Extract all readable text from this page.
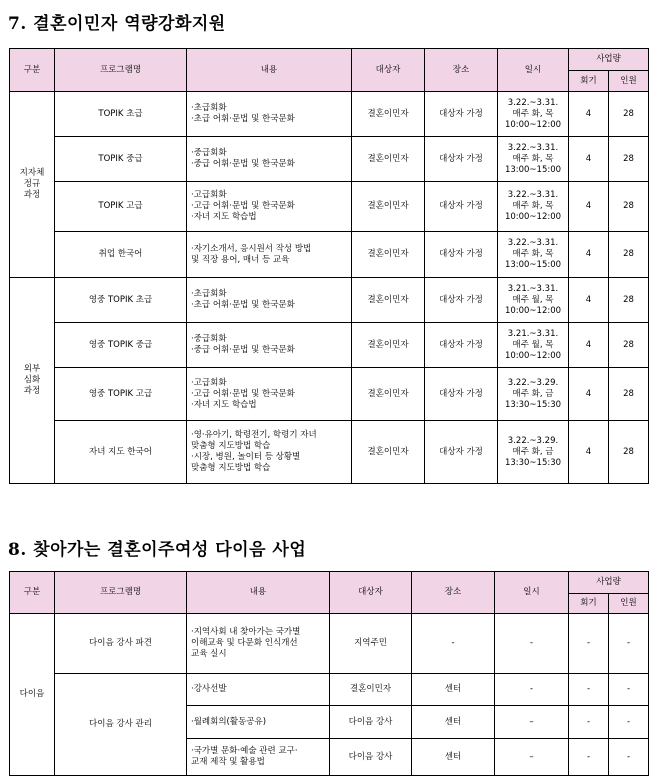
7. 결혼이민자 역량강화지원
구분	프로그램명	내용	대상자	장소	일시	사업량	
						회기	인원
지자체
정규
과정	TOPIK 초급	·초급회화
·초급 어휘·문법 및 한국문화	결혼이민자	대상자 가정	3.22.~3.31.
매주 화, 목
10:00~12:00	4	28
	TOPIK 중급	·중급회화
·중급 어휘·문법 및 한국문화	결혼이민자	대상자 가정	3.22.~3.31.
매주 화, 목
13:00~15:00	4	28
	TOPIK 고급	·고급회화
·고급 어휘·문법 및 한국문화
·자녀 지도 학습법	결혼이민자	대상자 가정	3.22.~3.31.
매주 화, 목
10:00~12:00	4	28
	취업 한국어	·자기소개서, 응시원서 작성 방법
및 직장 용어, 매너 등 교육	결혼이민자	대상자 가정	3.22.~3.31.
매주 화, 목
13:00~15:00	4	28
외부
심화
과정	영중 TOPIK 초급	·초급회화
·초급 어휘·문법 및 한국문화	결혼이민자	대상자 가정	3.21.~3.31.
매주 월, 목
10:00~12:00	4	28
	영중 TOPIK 중급	·중급회화
·중급 어휘·문법 및 한국문화	결혼이민자	대상자 가정	3.21.~3.31.
매주 월, 목
10:00~12:00	4	28
	영중 TOPIK 고급	·고급회화
·고급 어휘·문법 및 한국문화
·자녀 지도 학습법	결혼이민자	대상자 가정	3.22.~3.29.
매주 화, 금
13:30~15:30	4	28
	자녀 지도 한국어	·영·유아기, 학령전기, 학령기 자녀
맞춤형 지도방법 학습
·시장, 병원, 놀이터 등 상황별
맞춤형 지도방법 학습	결혼이민자	대상자 가정	3.22.~3.29.
매주 화, 금
13:30~15:30	4	28
8. 찾아가는 결혼이주여성 다이음 사업
구분	프로그램명	내용	대상자	장소	일시	사업량	
						회기	인원
다이음	다이음 강사 파견	·지역사회 내 찾아가는 국가별
이해교육 및 다문화 인식개선
교육 실시	지역주민	-	-	-	-
	다이음 강사 관리	·강사선발	결혼이민자	센터	-	-	-
		·월례회의(활동공유)	다이음 강사	센터	–	-	-
		·국가별 문화·예술 관련 교구·
교재 제작 및 활용법	다이음 강사	센터	–	-	-
